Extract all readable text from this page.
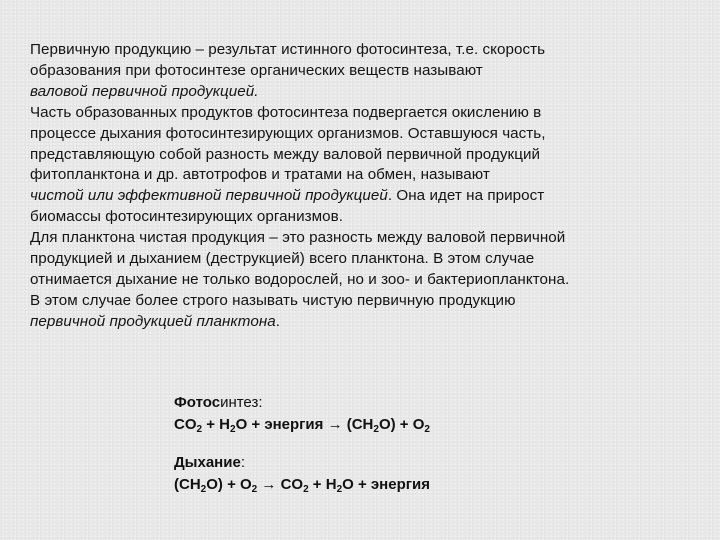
Первичную продукцию – результат истинного фотосинтеза, т.е. скорость
образования при фотосинтезе органических веществ называют
валовой первичной продукцией.
Часть образованных продуктов фотосинтеза подвергается окислению в
процессе дыхания фотосинтезирующих организмов. Оставшуюся часть,
представляющую собой разность между валовой первичной продукций
фитопланктона и др. автотрофов и тратами на обмен, называют
чистой или эффективной первичной продукцией. Она идет на прирост
биомассы фотосинтезирующих организмов.
Для планктона чистая продукция – это разность между валовой первичной
продукцией и дыханием (деструкцией) всего планктона. В этом случае
отнимается дыхание не только водорослей, но и зоо- и бактериопланктона.
В этом случае более строго называть чистую первичную продукцию
первичной продукцией планктона.
Фотосинтез:
$CO_2 + H_2O$ + энергия → $(CH_2O) + O_2$
Дыхание:
$(CH_2O) + O_2 \to CO_2 + H_2O$ + энергия
